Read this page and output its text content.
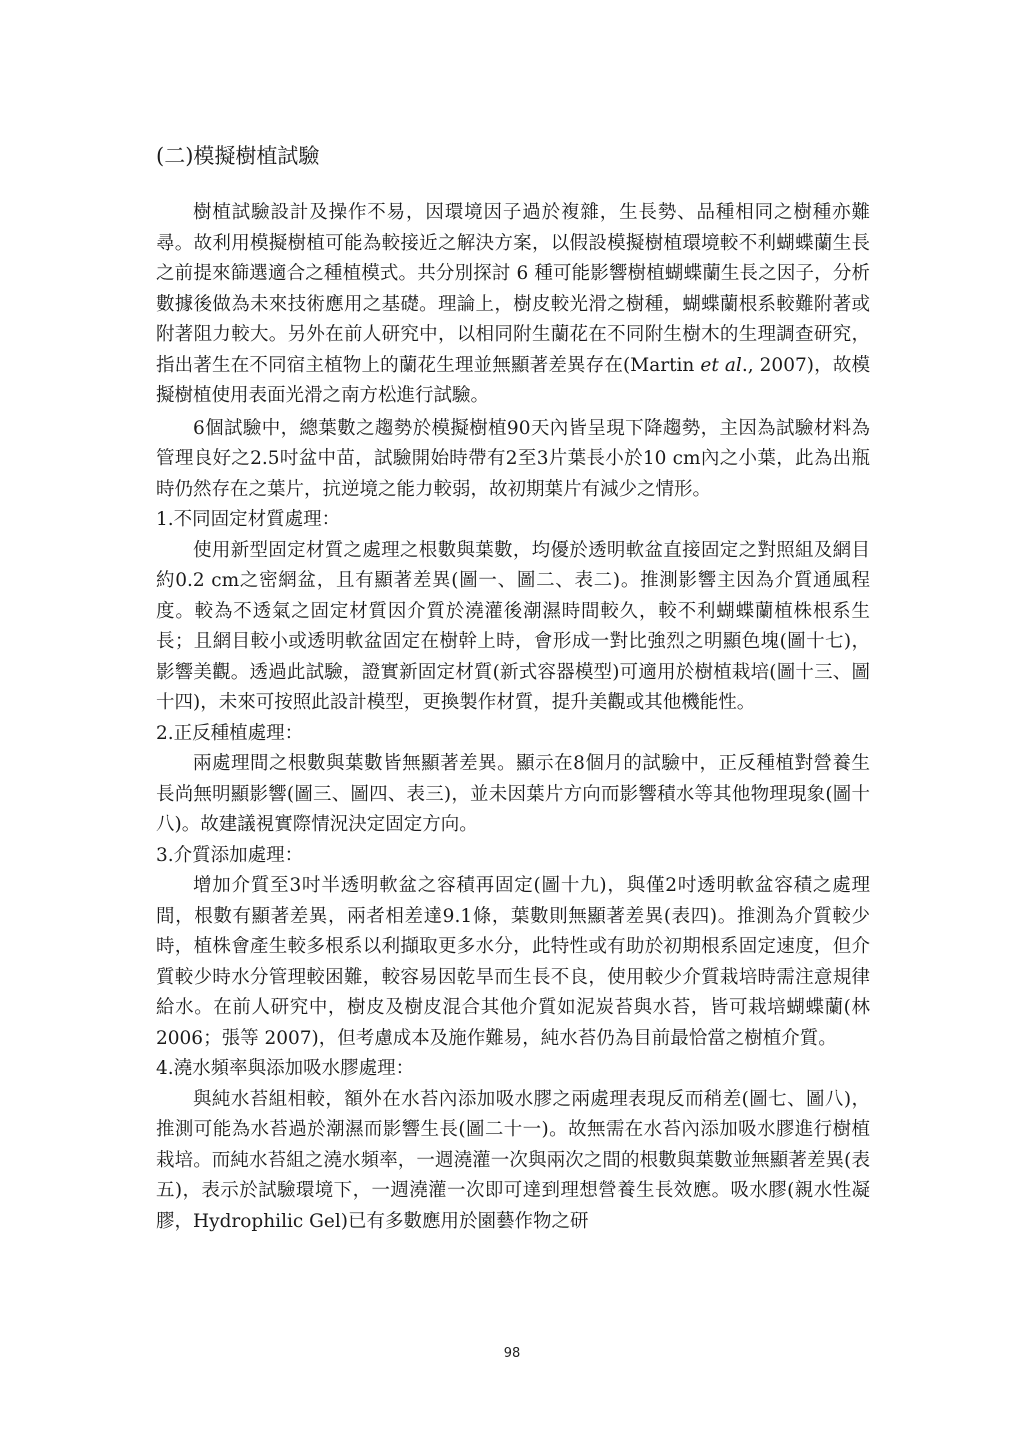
(二)模擬樹植試驗

樹植試驗設計及操作不易，因環境因子過於複雜，生長勢、品種相同之樹種亦難尋。故利用模擬樹植可能為較接近之解決方案，以假設模擬樹植環境較不利蝴蝶蘭生長之前提來篩選適合之種植模式。共分別探討 6 種可能影響樹植蝴蝶蘭生長之因子，分析數據後做為未來技術應用之基礎。理論上，樹皮較光滑之樹種，蝴蝶蘭根系較難附著或附著阻力較大。另外在前人研究中，以相同附生蘭花在不同附生樹木的生理調查研究，指出著生在不同宿主植物上的蘭花生理並無顯著差異存在(Martin et al., 2007)，故模擬樹植使用表面光滑之南方松進行試驗。

6個試驗中，總葉數之趨勢於模擬樹植90天內皆呈現下降趨勢，主因為試驗材料為管理良好之2.5吋盆中苗，試驗開始時帶有2至3片葉長小於10 cm內之小葉，此為出瓶時仍然存在之葉片，抗逆境之能力較弱，故初期葉片有減少之情形。

1.不同固定材質處理：

使用新型固定材質之處理之根數與葉數，均優於透明軟盆直接固定之對照組及網目約0.2 cm之密網盆，且有顯著差異(圖一、圖二、表二)。推測影響主因為介質通風程度。較為不透氣之固定材質因介質於澆灌後潮濕時間較久，較不利蝴蝶蘭植株根系生長；且網目較小或透明軟盆固定在樹幹上時，會形成一對比強烈之明顯色塊(圖十七)，影響美觀。透過此試驗，證實新固定材質(新式容器模型)可適用於樹植栽培(圖十三、圖十四)，未來可按照此設計模型，更換製作材質，提升美觀或其他機能性。

2.正反種植處理：

兩處理間之根數與葉數皆無顯著差異。顯示在8個月的試驗中，正反種植對營養生長尚無明顯影響(圖三、圖四、表三)，並未因葉片方向而影響積水等其他物理現象(圖十八)。故建議視實際情況決定固定方向。

3.介質添加處理：

增加介質至3吋半透明軟盆之容積再固定(圖十九)，與僅2吋透明軟盆容積之處理間，根數有顯著差異，兩者相差達9.1條，葉數則無顯著差異(表四)。推測為介質較少時，植株會產生較多根系以利擷取更多水分，此特性或有助於初期根系固定速度，但介質較少時水分管理較困難，較容易因乾旱而生長不良，使用較少介質栽培時需注意規律給水。在前人研究中，樹皮及樹皮混合其他介質如泥炭苔與水苔，皆可栽培蝴蝶蘭(林 2006；張等 2007)，但考慮成本及施作難易，純水苔仍為目前最恰當之樹植介質。

4.澆水頻率與添加吸水膠處理：

與純水苔組相較，額外在水苔內添加吸水膠之兩處理表現反而稍差(圖七、圖八)，推測可能為水苔過於潮濕而影響生長(圖二十一)。故無需在水苔內添加吸水膠進行樹植栽培。而純水苔組之澆水頻率，一週澆灌一次與兩次之間的根數與葉數並無顯著差異(表五)，表示於試驗環境下，一週澆灌一次即可達到理想營養生長效應。吸水膠(親水性凝膠，Hydrophilic Gel)已有多數應用於園藝作物之研

98
